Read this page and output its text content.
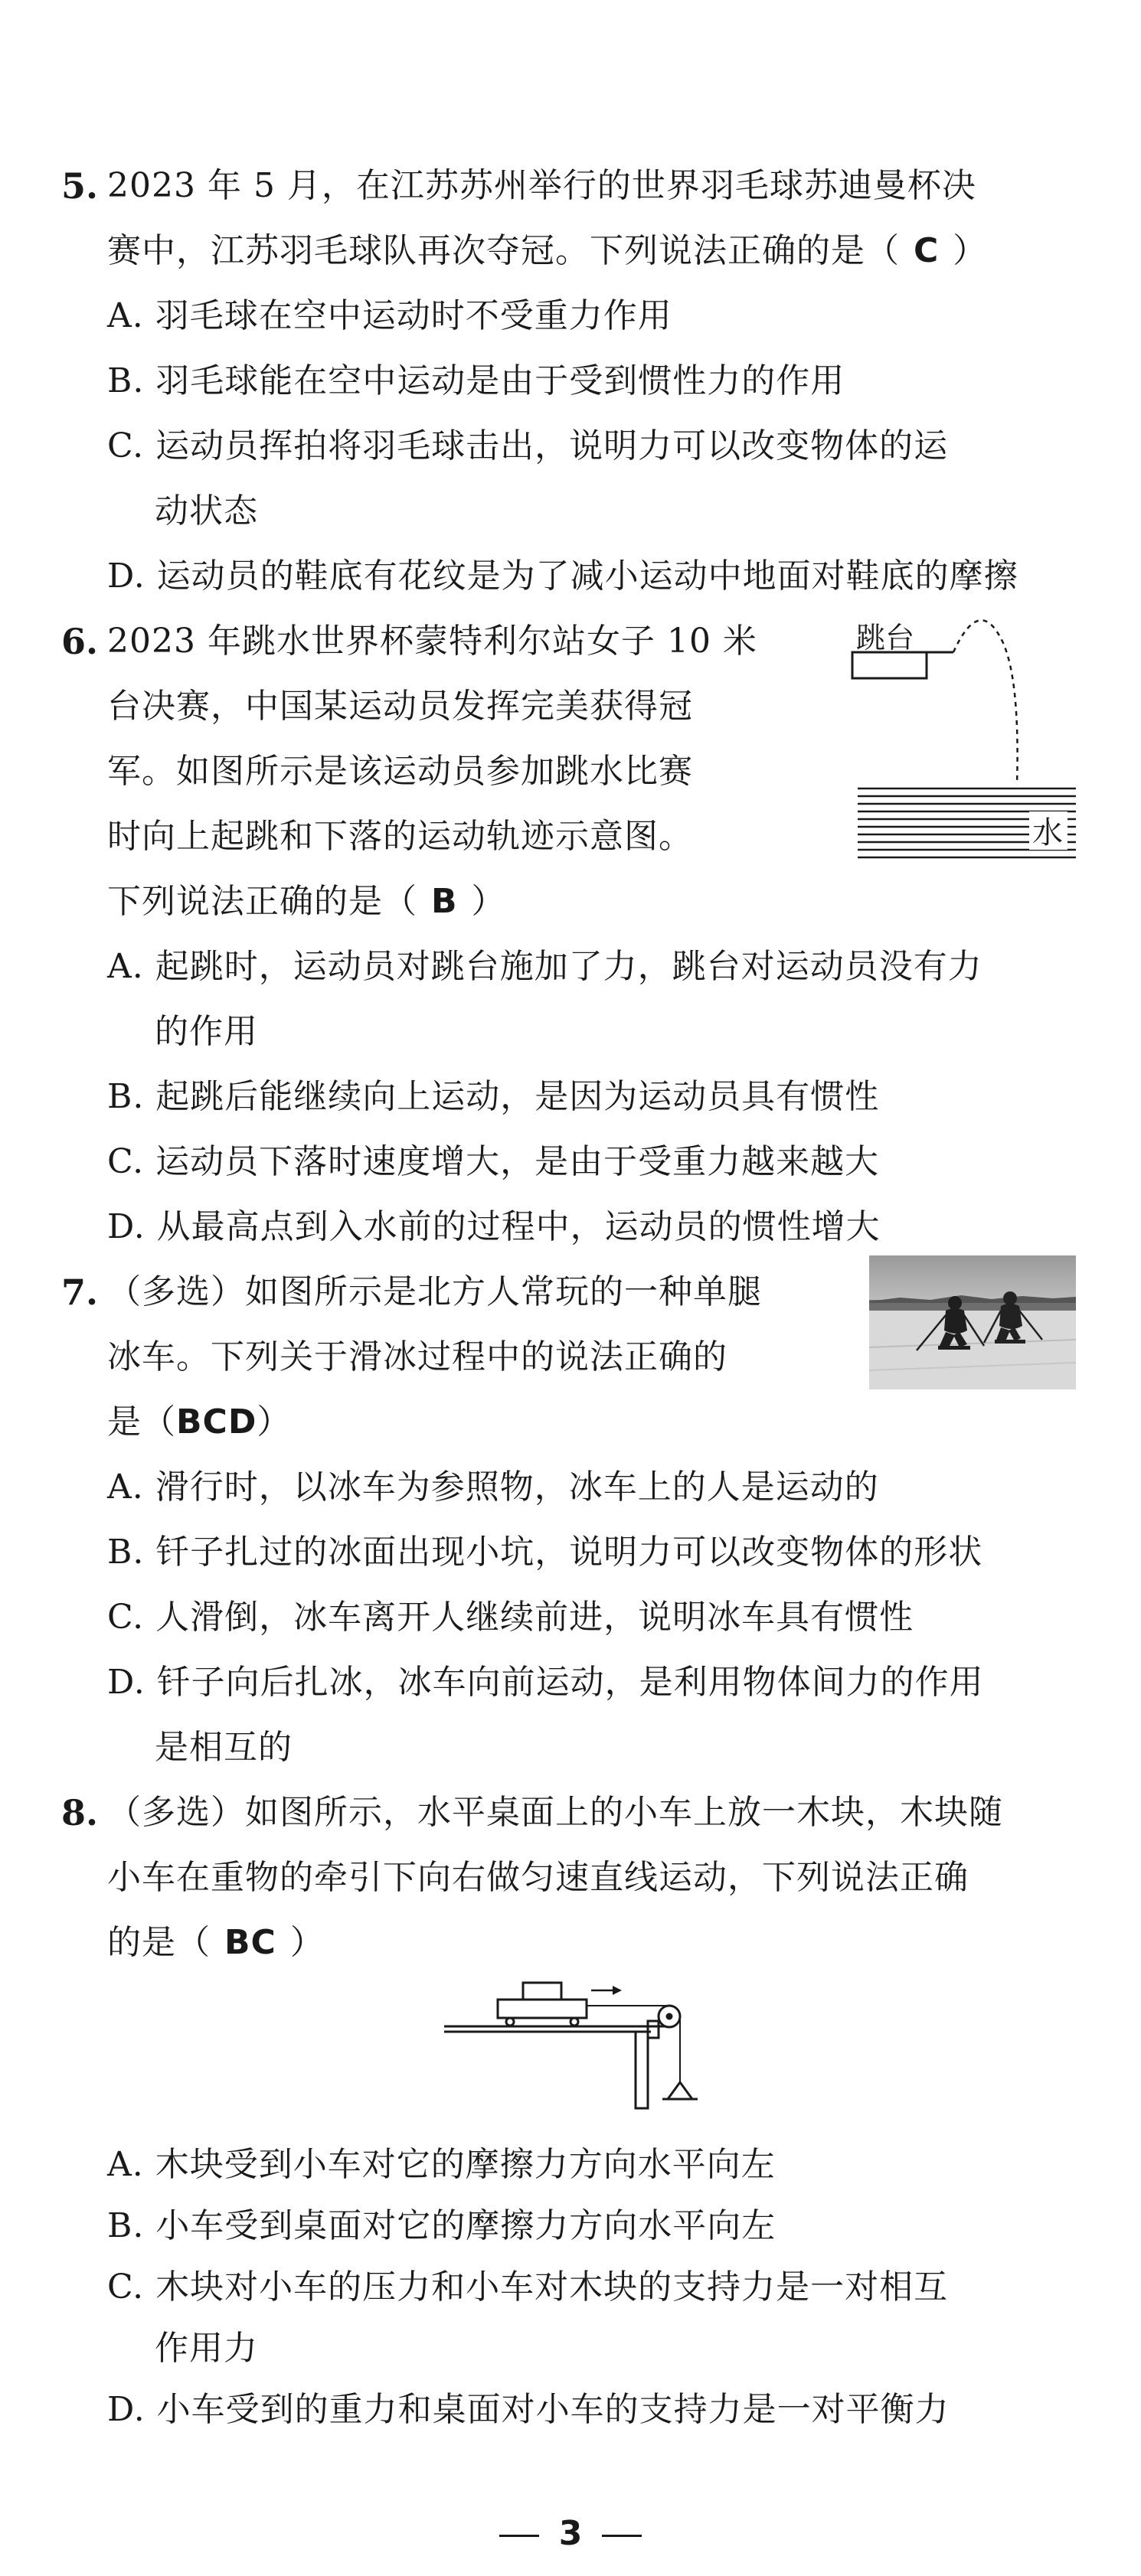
5. 2023 年 5 月，在江苏苏州举行的世界羽毛球苏迪曼杯决
赛中，江苏羽毛球队再次夺冠。下列说法正确的是（ C ）
A. 羽毛球在空中运动时不受重力作用
B. 羽毛球能在空中运动是由于受到惯性力的作用
C. 运动员挥拍将羽毛球击出，说明力可以改变物体的运
动状态
D. 运动员的鞋底有花纹是为了减小运动中地面对鞋底的摩擦
6. 2023 年跳水世界杯蒙特利尔站女子 10 米
台决赛，中国某运动员发挥完美获得冠
军。如图所示是该运动员参加跳水比赛
时向上起跳和下落的运动轨迹示意图。
下列说法正确的是（ B ）
跳台
水
A. 起跳时，运动员对跳台施加了力，跳台对运动员没有力
的作用
B. 起跳后能继续向上运动，是因为运动员具有惯性
C. 运动员下落时速度增大，是由于受重力越来越大
D. 从最高点到入水前的过程中，运动员的惯性增大
7. （多选）如图所示是北方人常玩的一种单腿
冰车。下列关于滑冰过程中的说法正确的
是（BCD）
A. 滑行时，以冰车为参照物，冰车上的人是运动的
B. 钎子扎过的冰面出现小坑，说明力可以改变物体的形状
C. 人滑倒，冰车离开人继续前进，说明冰车具有惯性
D. 钎子向后扎冰，冰车向前运动，是利用物体间力的作用
是相互的
8. （多选）如图所示，水平桌面上的小车上放一木块，木块随
小车在重物的牵引下向右做匀速直线运动，下列说法正确
的是（ BC ）
A. 木块受到小车对它的摩擦力方向水平向左
B. 小车受到桌面对它的摩擦力方向水平向左
C. 木块对小车的压力和小车对木块的支持力是一对相互
作用力
D. 小车受到的重力和桌面对小车的支持力是一对平衡力
3
